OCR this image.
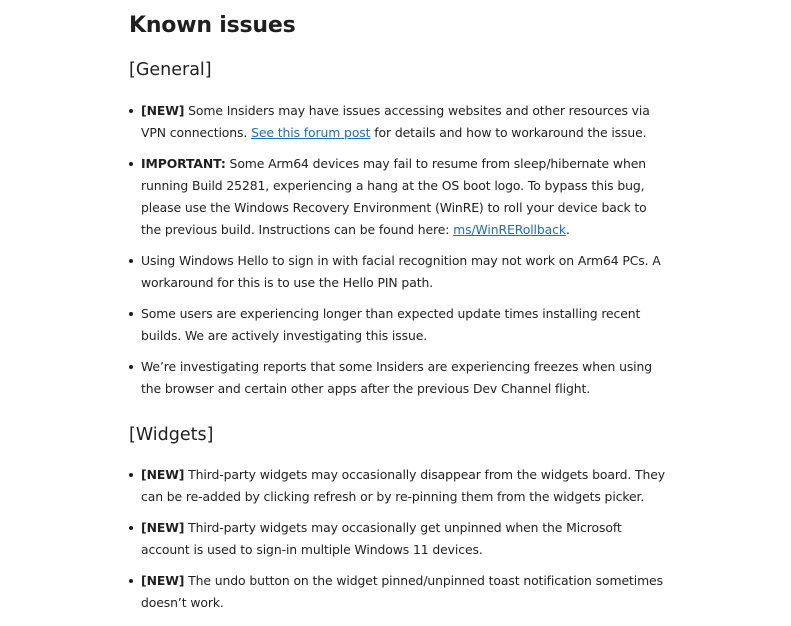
Known issues
[General]
[NEW] Some Insiders may have issues accessing websites and other resources via VPN connections. See this forum post for details and how to workaround the issue.
IMPORTANT: Some Arm64 devices may fail to resume from sleep/hibernate when running Build 25281, experiencing a hang at the OS boot logo. To bypass this bug, please use the Windows Recovery Environment (WinRE) to roll your device back to the previous build. Instructions can be found here: ms/WinRERollback.
Using Windows Hello to sign in with facial recognition may not work on Arm64 PCs. A workaround for this is to use the Hello PIN path.
Some users are experiencing longer than expected update times installing recent builds. We are actively investigating this issue.
We’re investigating reports that some Insiders are experiencing freezes when using the browser and certain other apps after the previous Dev Channel flight.
[Widgets]
[NEW] Third-party widgets may occasionally disappear from the widgets board. They can be re-added by clicking refresh or by re-pinning them from the widgets picker.
[NEW] Third-party widgets may occasionally get unpinned when the Microsoft account is used to sign-in multiple Windows 11 devices.
[NEW] The undo button on the widget pinned/unpinned toast notification sometimes doesn’t work.
